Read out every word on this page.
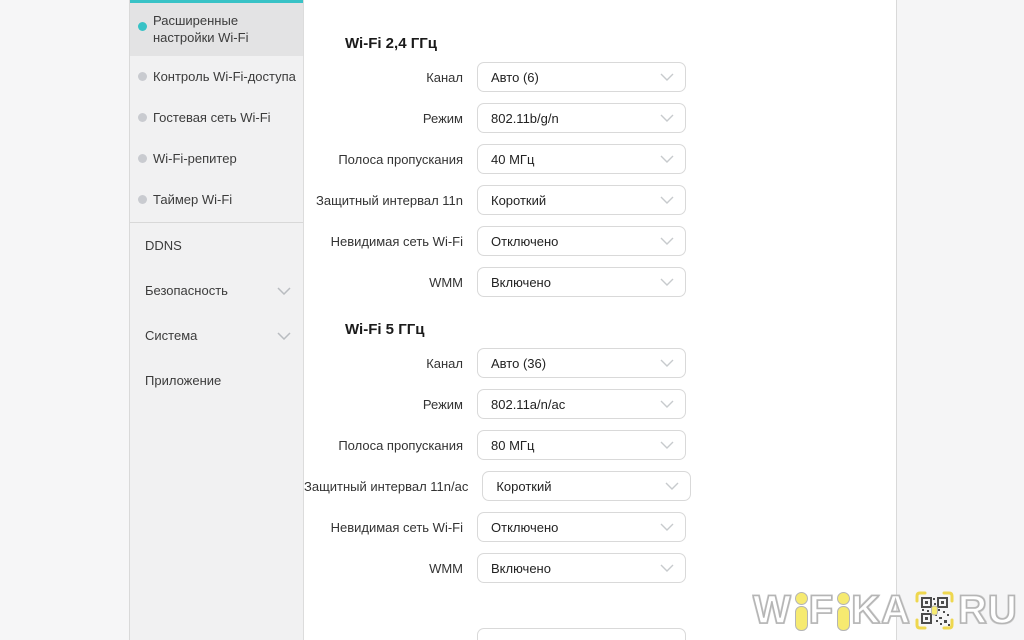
Расширенные настройки Wi-Fi
Контроль Wi-Fi-доступа
Гостевая сеть Wi-Fi
Wi-Fi-репитер
Таймер Wi-Fi
DDNS
Безопасность
Система
Приложение
Wi-Fi 2,4 ГГц
Канал Авто (6)
Режим 802.11b/g/n
Полоса пропускания 40 МГц
Защитный интервал 11n Короткий
Невидимая сеть Wi-Fi Отключено
WMM Включено
Wi-Fi 5 ГГц
Канал Авто (36)
Режим 802.11a/n/ac
Полоса пропускания 80 МГц
Защитный интервал 11n/ac Короткий
Невидимая сеть Wi-Fi Отключено
WMM Включено
W F KA RU
